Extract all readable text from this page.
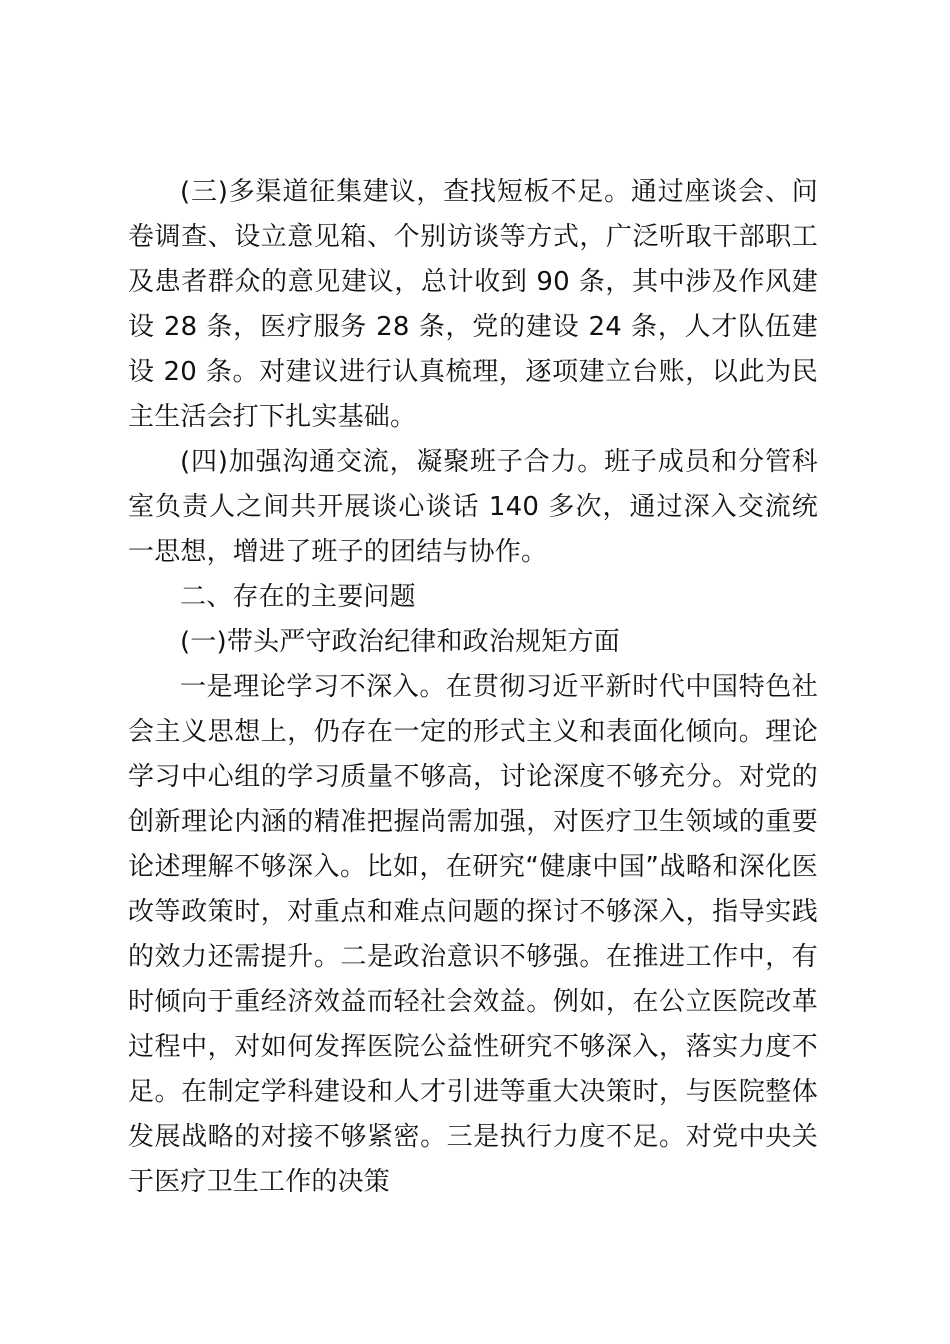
(三)多渠道征集建议，查找短板不足。通过座谈会、问卷调查、设立意见箱、个别访谈等方式，广泛听取干部职工及患者群众的意见建议，总计收到 90 条，其中涉及作风建设 28 条，医疗服务 28 条，党的建设 24 条，人才队伍建设 20 条。对建议进行认真梳理，逐项建立台账，以此为民主生活会打下扎实基础。

(四)加强沟通交流，凝聚班子合力。班子成员和分管科室负责人之间共开展谈心谈话 140 多次，通过深入交流统一思想，增进了班子的团结与协作。

二、存在的主要问题

(一)带头严守政治纪律和政治规矩方面

一是理论学习不深入。在贯彻习近平新时代中国特色社会主义思想上，仍存在一定的形式主义和表面化倾向。理论学习中心组的学习质量不够高，讨论深度不够充分。对党的创新理论内涵的精准把握尚需加强，对医疗卫生领域的重要论述理解不够深入。比如，在研究“健康中国”战略和深化医改等政策时，对重点和难点问题的探讨不够深入，指导实践的效力还需提升。二是政治意识不够强。在推进工作中，有时倾向于重经济效益而轻社会效益。例如，在公立医院改革过程中，对如何发挥医院公益性研究不够深入，落实力度不足。在制定学科建设和人才引进等重大决策时，与医院整体发展战略的对接不够紧密。三是执行力度不足。对党中央关于医疗卫生工作的决策
